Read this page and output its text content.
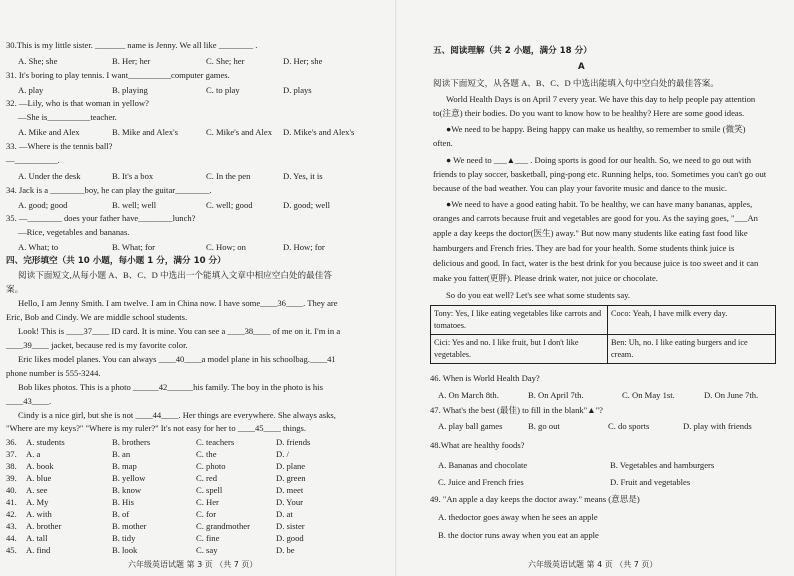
30.This is my little sister. _______ name is Jenny. We all like ________ .
A. She; she	B. Her; her	C. She; her	D. Her; she
31. It's boring to play tennis. I want__________computer games.
A. play	B. playing	C. to play	D. plays
32. —Lily, who is that woman in yellow?
—She is__________teacher.
A. Mike and Alex	B. Mike and Alex's	C. Mike's and Alex D. Mike's and Alex's
33. —Where is the tennis ball?
—__________.
A. Under the desk	B. It's a box	C. In the pen	D. Yes, it is
34. Jack is a ________boy, he can play the guitar________.
A. good; good	B. well; well	C. well; good	D. good; well
35. —________ does your father have________lunch?
—Rice, vegetables and bananas.
A. What; to	B. What; for	C. How; on	D. How; for
四、完形填空（共 10 小题，每小题 1 分，满分 10 分）
阅读下面短文,从每小题 A、B、C、D 中选出一个能填入文章中相应空白处的最佳答
案。
Hello, I am Jenny Smith. I am twelve. I am in China now. I have some____36____. They are
Eric, Bob and Cindy. We are middle school students.
Look! This is ____37____ ID card. It is mine. You can see a ____38____ of me on it. I'm in a
____39____ jacket, because red is my favorite color.
Eric likes model planes. You can always ____40____a model plane in his schoolbag.____41
phone number is 555-3244.
Bob likes photos. This is a photo ______42______his family. The boy in the photo is his
____43____.
Cindy is a nice girl, but she is not ____44____. Her things are everywhere. She always asks,
"Where are my keys?" "Where is my ruler?" It's not easy for her to ____45____ things.
36. A. students	B. brothers	C. teachers	D. friends
37. A. a	B. an	C. the	D. /
38. A. book	B. map	C. photo	D. plane
39. A. blue	B. yellow	C. red	D. green
40. A. see	B. know	C. spell	D. meet
41. A. My	B. His	C. Her	D. Your
42. A. with	B. of	C. for	D. at
43. A. brother	B. mother	C. grandmother	D. sister
44. A. tall	B. tidy	C. fine	D. good
45. A. find	B. look	C. say	D. be
六年级英语试题 第 3 页 （共 7 页）
五、阅读理解（共 2 小题，满分 18 分）
A
阅读下面短文，从各题 A、B、C、D 中选出能填入句中空白处的最佳答案。
World Health Days is on April 7 every year. We have this day to help people pay attention
to(注意) their bodies. Do you want to know how to be healthy? Here are some good ideas.
●We need to be happy. Being happy can make us healthy, so remember to smile (微笑)
often.
● We need to ___▲___ . Doing sports is good for our health. So, we need to go out with
friends to play soccer, basketball, ping-pong etc. Running helps, too. Sometimes you can't go out
because of the bad weather. You can play your favorite music and dance to the music.
●We need to have a good eating habit. To be healthy, we can have many bananas, apples,
oranges and carrots because fruit and vegetables are good for you. As the saying goes, "___An
apple a day keeps the doctor(医生) away." But now many students like eating fast food like
hamburgers and French fries. They are bad for your health. Some students think juice is
delicious and good. In fact, water is the best drink for you because juice is too sweet and it can
make you fatter(更胖). Please drink water, not juice or chocolate.
So do you eat well? Let's see what some students say.
Tony: Yes, I like eating vegetables like carrots and tomatoes.	Coco: Yeah, I have milk every day.
Cici: Yes and no. I like fruit, but I don't like vegetables.	Ben: Uh, no. I like eating burgers and ice cream.
46. When is World Health Day?
A. On March 8th.	B. On April 7th.	C. On May 1st.	D. On June 7th.
47. What's the best (最佳) to fill in the blank"▲"?
A. play ball games	B. go out	C. do sports	D. play with friends
48.What are healthy foods?
A. Bananas and chocolate	B. Vegetables and hamburgers
C. Juice and French fries	D. Fruit and vegetables
49. "An apple a day keeps the doctor away." means (意思是)
A. thedoctor goes away when he sees an apple
B. the doctor runs away when you eat an apple
六年级英语试题 第 4 页 （共 7 页）
